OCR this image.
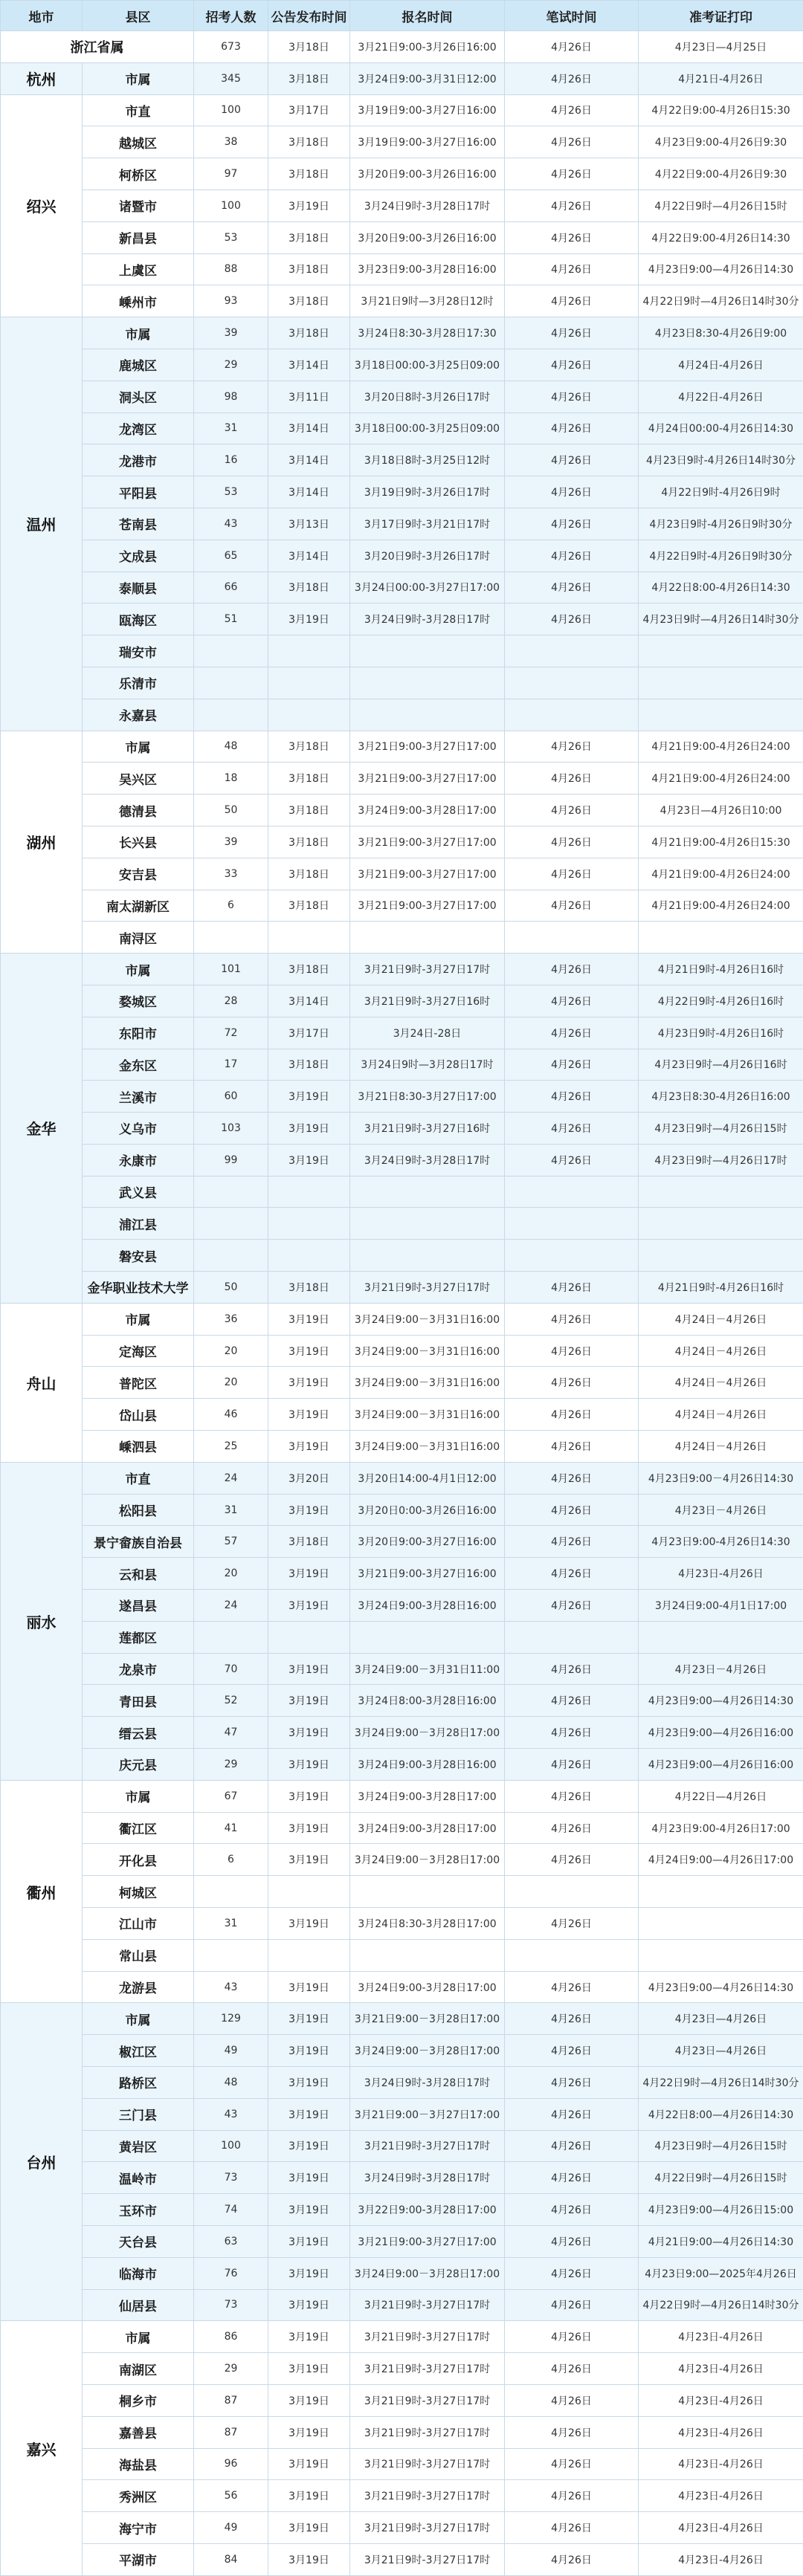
地市	县区	招考人数	公告发布时间	报名时间	笔试时间	准考证打印
浙江省属		673	3月18日	3月21日9:00-3月26日16:00	4月26日	4月23日—4月25日
杭州	市属	345	3月18日	3月24日9:00-3月31日12:00	4月26日	4月21日-4月26日
绍兴	市直	100	3月17日	3月19日9:00-3月27日16:00	4月26日	4月22日9:00-4月26日15:30
	越城区	38	3月18日	3月19日9:00-3月27日16:00	4月26日	4月23日9:00-4月26日9:30
	柯桥区	97	3月18日	3月20日9:00-3月26日16:00	4月26日	4月22日9:00-4月26日9:30
	诸暨市	100	3月19日	3月24日9时-3月28日17时	4月26日	4月22日9时—4月26日15时
	新昌县	53	3月18日	3月20日9:00-3月26日16:00	4月26日	4月22日9:00-4月26日14:30
	上虞区	88	3月18日	3月23日9:00-3月28日16:00	4月26日	4月23日9:00—4月26日14:30
	嵊州市	93	3月18日	3月21日9时—3月28日12时	4月26日	4月22日9时—4月26日14时30分
温州	市属	39	3月18日	3月24日8:30-3月28日17:30	4月26日	4月23日8:30-4月26日9:00
	鹿城区	29	3月14日	3月18日00:00-3月25日09:00	4月26日	4月24日-4月26日
	洞头区	98	3月11日	3月20日8时-3月26日17时	4月26日	4月22日-4月26日
	龙湾区	31	3月14日	3月18日00:00-3月25日09:00	4月26日	4月24日00:00-4月26日14:30
	龙港市	16	3月14日	3月18日8时-3月25日12时	4月26日	4月23日9时-4月26日14时30分
	平阳县	53	3月14日	3月19日9时-3月26日17时	4月26日	4月22日9时-4月26日9时
	苍南县	43	3月13日	3月17日9时-3月21日17时	4月26日	4月23日9时-4月26日9时30分
	文成县	65	3月14日	3月20日9时-3月26日17时	4月26日	4月22日9时-4月26日9时30分
	泰顺县	66	3月18日	3月24日00:00-3月27日17:00	4月26日	4月22日8:00-4月26日14:30
	瓯海区	51	3月19日	3月24日9时-3月28日17时	4月26日	4月23日9时—4月26日14时30分
	瑞安市					
	乐清市					
	永嘉县					
湖州	市属	48	3月18日	3月21日9:00-3月27日17:00	4月26日	4月21日9:00-4月26日24:00
	吴兴区	18	3月18日	3月21日9:00-3月27日17:00	4月26日	4月21日9:00-4月26日24:00
	德清县	50	3月18日	3月24日9:00-3月28日17:00	4月26日	4月23日—4月26日10:00
	长兴县	39	3月18日	3月21日9:00-3月27日17:00	4月26日	4月21日9:00-4月26日15:30
	安吉县	33	3月18日	3月21日9:00-3月27日17:00	4月26日	4月21日9:00-4月26日24:00
	南太湖新区	6	3月18日	3月21日9:00-3月27日17:00	4月26日	4月21日9:00-4月26日24:00
	南浔区					
金华	市属	101	3月18日	3月21日9时-3月27日17时	4月26日	4月21日9时-4月26日16时
	婺城区	28	3月14日	3月21日9时-3月27日16时	4月26日	4月22日9时-4月26日16时
	东阳市	72	3月17日	3月24日-28日	4月26日	4月23日9时-4月26日16时
	金东区	17	3月18日	3月24日9时—3月28日17时	4月26日	4月23日9时—4月26日16时
	兰溪市	60	3月19日	3月21日8:30-3月27日17:00	4月26日	4月23日8:30-4月26日16:00
	义乌市	103	3月19日	3月21日9时-3月27日16时	4月26日	4月23日9时—4月26日15时
	永康市	99	3月19日	3月24日9时-3月28日17时	4月26日	4月23日9时—4月26日17时
	武义县					
	浦江县					
	磐安县					
	金华职业技术大学	50	3月18日	3月21日9时-3月27日17时	4月26日	4月21日9时-4月26日16时
舟山	市属	36	3月19日	3月24日9:00－3月31日16:00	4月26日	4月24日－4月26日
	定海区	20	3月19日	3月24日9:00－3月31日16:00	4月26日	4月24日－4月26日
	普陀区	20	3月19日	3月24日9:00－3月31日16:00	4月26日	4月24日－4月26日
	岱山县	46	3月19日	3月24日9:00－3月31日16:00	4月26日	4月24日－4月26日
	嵊泗县	25	3月19日	3月24日9:00－3月31日16:00	4月26日	4月24日－4月26日
丽水	市直	24	3月20日	3月20日14:00-4月1日12:00	4月26日	4月23日9:00－4月26日14:30
	松阳县	31	3月19日	3月20日0:00-3月26日16:00	4月26日	4月23日－4月26日
	景宁畲族自治县	57	3月18日	3月20日9:00-3月27日16:00	4月26日	4月23日9:00-4月26日14:30
	云和县	20	3月19日	3月21日9:00-3月27日16:00	4月26日	4月23日-4月26日
	遂昌县	24	3月19日	3月24日9:00-3月28日16:00	4月26日	3月24日9:00-4月1日17:00
	莲都区					
	龙泉市	70	3月19日	3月24日9:00－3月31日11:00	4月26日	4月23日－4月26日
	青田县	52	3月19日	3月24日8:00-3月28日16:00	4月26日	4月23日9:00—4月26日14:30
	缙云县	47	3月19日	3月24日9:00－3月28日17:00	4月26日	4月23日9:00—4月26日16:00
	庆元县	29	3月19日	3月24日9:00-3月28日16:00	4月26日	4月23日9:00—4月26日16:00
衢州	市属	67	3月19日	3月24日9:00-3月28日17:00	4月26日	4月22日—4月26日
	衢江区	41	3月19日	3月24日9:00-3月28日17:00	4月26日	4月23日9:00-4月26日17:00
	开化县	6	3月19日	3月24日9:00－3月28日17:00	4月26日	4月24日9:00—4月26日17:00
	柯城区					
	江山市	31	3月19日	3月24日8:30-3月28日17:00	4月26日	
	常山县					
	龙游县	43	3月19日	3月24日9:00-3月28日17:00	4月26日	4月23日9:00—4月26日14:30
台州	市属	129	3月19日	3月21日9:00－3月28日17:00	4月26日	4月23日—4月26日
	椒江区	49	3月19日	3月24日9:00－3月28日17:00	4月26日	4月23日—4月26日
	路桥区	48	3月19日	3月24日9时-3月28日17时	4月26日	4月22日9时—4月26日14时30分
	三门县	43	3月19日	3月21日9:00－3月27日17:00	4月26日	4月22日8:00—4月26日14:30
	黄岩区	100	3月19日	3月21日9时-3月27日17时	4月26日	4月23日9时—4月26日15时
	温岭市	73	3月19日	3月24日9时-3月28日17时	4月26日	4月22日9时—4月26日15时
	玉环市	74	3月19日	3月22日9:00-3月28日17:00	4月26日	4月23日9:00—4月26日15:00
	天台县	63	3月19日	3月21日9:00-3月27日17:00	4月26日	4月21日9:00—4月26日14:30
	临海市	76	3月19日	3月24日9:00－3月28日17:00	4月26日	4月23日9:00—2025年4月26日
	仙居县	73	3月19日	3月21日9时-3月27日17时	4月26日	4月22日9时—4月26日14时30分
嘉兴	市属	86	3月19日	3月21日9时-3月27日17时	4月26日	4月23日-4月26日
	南湖区	29	3月19日	3月21日9时-3月27日17时	4月26日	4月23日-4月26日
	桐乡市	87	3月19日	3月21日9时-3月27日17时	4月26日	4月23日-4月26日
	嘉善县	87	3月19日	3月21日9时-3月27日17时	4月26日	4月23日-4月26日
	海盐县	96	3月19日	3月21日9时-3月27日17时	4月26日	4月23日-4月26日
	秀洲区	56	3月19日	3月21日9时-3月27日17时	4月26日	4月23日-4月26日
	海宁市	49	3月19日	3月21日9时-3月27日17时	4月26日	4月23日-4月26日
	平湖市	84	3月19日	3月21日9时-3月27日17时	4月26日	4月23日-4月26日
